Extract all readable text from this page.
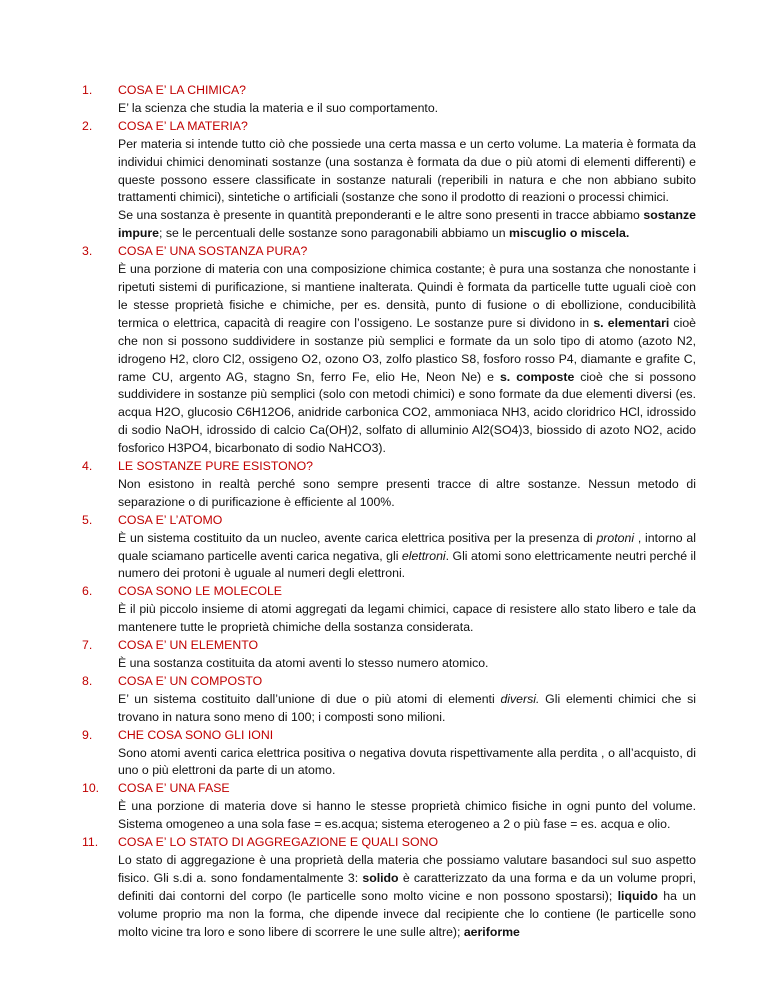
1.	COSA E’ LA CHIMICA?

E’ la scienza che studia la materia e il suo comportamento.

2.	COSA E’ LA MATERIA?

Per materia si intende tutto ciò che possiede una certa massa e un certo volume. La materia è formata da individui chimici denominati sostanze (una sostanza è formata da due o più atomi di elementi differenti) e queste possono essere classificate in sostanze naturali (reperibili in natura e che non abbiano subito trattamenti chimici), sintetiche o artificiali (sostanze che sono il prodotto di reazioni o processi chimici.

Se una sostanza è presente in quantità preponderanti e le altre sono presenti in tracce abbiamo sostanze impure; se le percentuali delle sostanze sono paragonabili abbiamo un miscuglio o miscela.

3.	COSA E’ UNA SOSTANZA PURA?

È una porzione di materia con una composizione chimica costante; è pura una sostanza che nonostante i ripetuti sistemi di purificazione, si mantiene inalterata. Quindi è formata da particelle tutte uguali cioè con le stesse proprietà fisiche e chimiche, per es. densità, punto di fusione o di ebollizione, conducibilità termica o elettrica, capacità di reagire con l’ossigeno. Le sostanze pure si dividono in s. elementari cioè che non si possono suddividere in sostanze più semplici e formate da un solo tipo di atomo (azoto N2, idrogeno H2, cloro Cl2, ossigeno O2, ozono O3, zolfo plastico S8, fosforo rosso P4, diamante e grafite C, rame CU, argento AG, stagno Sn, ferro Fe, elio He, Neon Ne) e s. composte cioè che si possono suddividere in sostanze più semplici (solo con metodi chimici) e sono formate da due elementi diversi (es. acqua H2O, glucosio C6H12O6, anidride carbonica CO2, ammoniaca NH3, acido cloridrico HCl, idrossido di sodio NaOH, idrossido di calcio Ca(OH)2, solfato di alluminio Al2(SO4)3, biossido di azoto NO2, acido fosforico H3PO4, bicarbonato di sodio NaHCO3).

4.	LE SOSTANZE PURE ESISTONO?

Non esistono in realtà perché sono sempre presenti tracce di altre sostanze. Nessun metodo di separazione o di purificazione è efficiente al 100%.

5.	COSA E’ L’ATOMO

È un sistema costituito da un nucleo, avente carica elettrica positiva per la presenza di protoni , intorno al quale sciamano particelle aventi carica negativa, gli elettroni. Gli atomi sono elettricamente neutri perché il numero dei protoni è uguale al numeri degli elettroni.

6.	COSA SONO LE MOLECOLE

È il più piccolo insieme di atomi aggregati da legami chimici, capace di resistere allo stato libero e tale da mantenere tutte le proprietà chimiche della sostanza considerata.

7.	COSA E’ UN ELEMENTO

È una sostanza costituita da atomi aventi lo stesso numero atomico.

8.	COSA E’ UN COMPOSTO

E’ un sistema costituito dall’unione di due o più atomi di elementi diversi. Gli elementi chimici che si trovano in natura sono meno di 100; i composti sono milioni.

9.	CHE COSA SONO GLI IONI

Sono atomi aventi carica elettrica positiva o negativa dovuta rispettivamente alla perdita , o all’acquisto, di uno o più elettroni da parte di un atomo.

10.	COSA E’ UNA FASE

È una porzione di materia dove si hanno le stesse proprietà chimico fisiche in ogni punto del volume. Sistema omogeneo a una sola fase = es.acqua; sistema eterogeneo a 2 o più fase = es. acqua e olio.

11.	COSA E’ LO STATO DI AGGREGAZIONE E QUALI SONO

Lo stato di aggregazione è una proprietà della materia che possiamo valutare basandoci sul suo aspetto fisico. Gli s.di a. sono fondamentalmente 3: solido è caratterizzato da una forma e da un volume propri, definiti dai contorni del corpo (le particelle sono molto vicine e non possono spostarsi); liquido ha un volume proprio ma non la forma, che dipende invece dal recipiente che lo contiene (le particelle sono molto vicine tra loro e sono libere di scorrere le une sulle altre); aeriforme
